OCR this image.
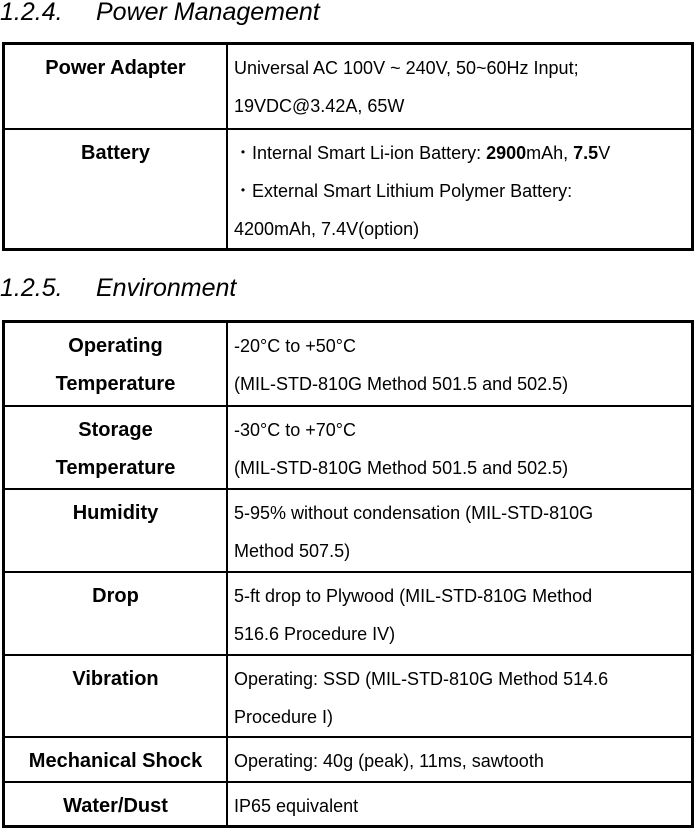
1.2.4. Power Management
Power Adapter	Universal AC 100V ~ 240V, 50~60Hz Input;
19VDC@3.42A, 65W

Battery	・Internal Smart Li-ion Battery: 2900mAh, 7.5V
・External Smart Lithium Polymer Battery:
4200mAh, 7.4V(option)
1.2.5. Environment
Operating
Temperature	-20°C to +50°C
(MIL-STD-810G Method 501.5 and 502.5)

Storage
Temperature	-30°C to +70°C
(MIL-STD-810G Method 501.5 and 502.5)

Humidity	5-95% without condensation (MIL-STD-810G
Method 507.5)

Drop	5-ft drop to Plywood (MIL-STD-810G Method
516.6 Procedure IV)

Vibration	Operating: SSD (MIL-STD-810G Method 514.6
Procedure I)

Mechanical Shock	Operating: 40g (peak), 11ms, sawtooth

Water/Dust	IP65 equivalent
